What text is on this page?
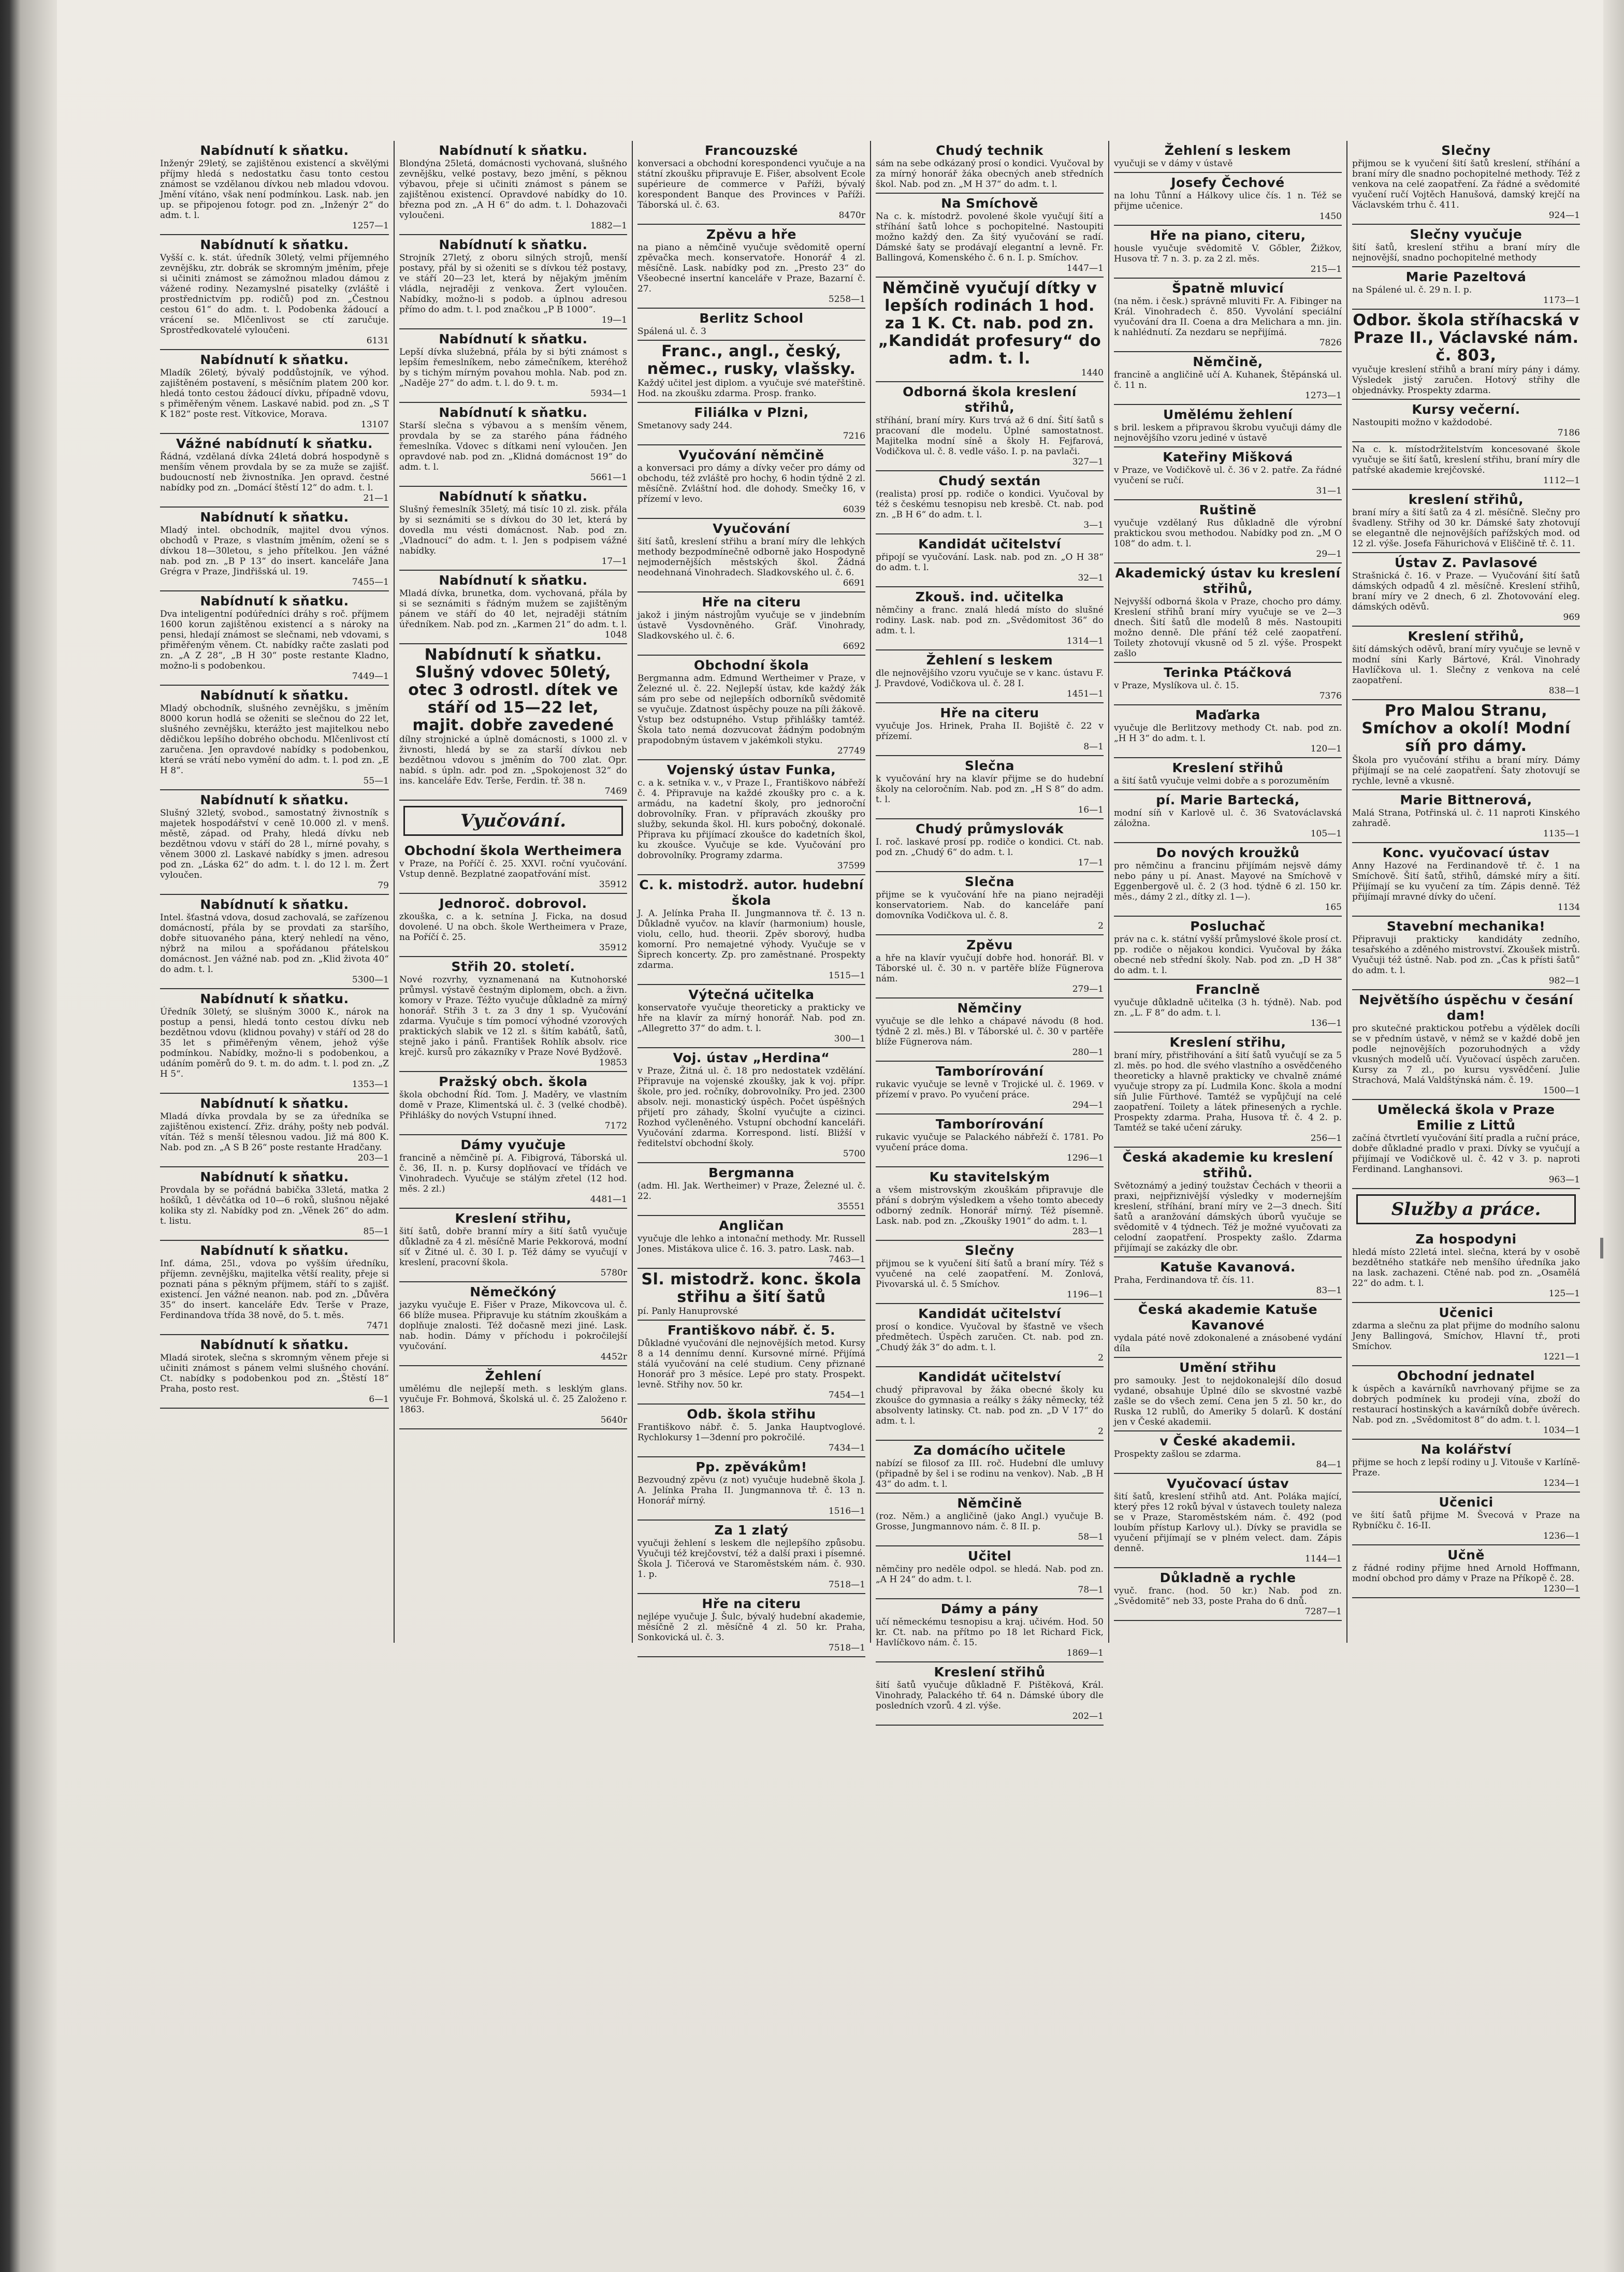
Nabídnutí k sňatku.
Inženýr 29letý, se zajištěnou existencí a skvělými příjmy hledá s nedostatku času tonto cestou známost se vzdělanou dívkou neb mladou vdovou. Jmění vítáno, však není podmínkou. Lask. nab. jen up. se připojenou fotogr. pod zn. „Inženýr 2“ do adm. t. l.
1257—1
Nabídnutí k sňatku.
Vyšší c. k. stát. úředník 30letý, velmi příjemného zevnějšku, ztr. dobrák se skromným jměním, přeje si učiniti známost se zámožnou mladou dámou z vážené rodiny. Nezamyslné pisatelky (zvláště i prostřednictvím pp. rodičů) pod zn. „Čestnou cestou 61“ do adm. t. l. Podobenka žádoucí a vrácení se. Mlčenlivost se ctí zaručuje. Sprostředkovatelé vyloučeni.
6131
Nabídnutí k sňatku.
Mladík 26letý, bývalý poddůstojník, ve výhod. zajištěném postavení, s měsíčním platem 200 kor. hledá tonto cestou žádoucí dívku, případně vdovu, s přiměřeným věnem. Laskavé nabid. pod zn. „S T K 182“ poste rest. Vítkovice, Morava.
13107
Vážné nabídnutí k sňatku.
Řádná, vzdělaná dívka 24letá dobrá hospodyně s menším věnem provdala by se za muže se zajišť. budoucností neb živnostníka. Jen opravd. čestné nabídky pod zn. „Domácí štěstí 12“ do adm. t. l.
21—1
Nabídnutí k sňatku.
Mladý intel. obchodník, majitel dvou výnos. obchodů v Praze, s vlastním jměním, ožení se s dívkou 18—30letou, s jeho přítelkou. Jen vážné nab. pod zn. „B P 13“ do insert. kanceláře Jana Grégra v Praze, Jindřišská ul. 19.
7455—1
Nabídnutí k sňatku.
Dva inteligentní podúředníci dráhy s roč. příjmem 1600 korun zajištěnou existencí a s nároky na pensi, hledají známost se slečnami, neb vdovami, s přiměřeným věnem. Ct. nabídky račte zaslati pod zn. „A Z 28“, „B H 30“ poste restante Kladno, možno-li s podobenkou.
7449—1
Nabídnutí k sňatku.
Mladý obchodník, slušného zevnějšku, s jměním 8000 korun hodlá se oženiti se slečnou do 22 let, slušného zevnějšku, kterážto jest majitelkou nebo dědičkou lepšího dobrého obchodu. Mlčenlivost ctí zaručena. Jen opravdové nabídky s podobenkou, která se vrátí nebo vymění do adm. t. l. pod zn. „E H 8“.
55—1
Nabídnutí k sňatku.
Slušný 32letý, svobod., samostatný živnostník s majetek hospodářství v ceně 10.000 zl. v menš. městě, západ. od Prahy, hledá dívku neb bezdětnou vdovu v stáří do 28 l., mírné povahy, s věnem 3000 zl. Laskavé nabídky s jmen. adresou pod zn. „Láska 62“ do adm. t. l. do 12 l. m. Žert vyloučen.
79
Nabídnutí k sňatku.
Intel. šťastná vdova, dosud zachovalá, se zařízenou domácností, přála by se provdati za staršího, dobře situovaného pána, který nehledí na věno, nýbrž na milou a spořádanou přátelskou domácnost. Jen vážné nab. pod zn. „Klid života 40“ do adm. t. l.
5300—1
Nabídnutí k sňatku.
Úředník 30letý, se slušným 3000 K., nárok na postup a pensi, hledá tonto cestou dívku neb bezdětnou vdovu (klidnou povahy) v stáří od 28 do 35 let s přiměřeným věnem, jehož výše podmínkou. Nabídky, možno-li s podobenkou, a udáním poměrů do 9. t. m. do adm. t. l. pod zn. „Z H 5“.
1353—1
Nabídnutí k sňatku.
Mladá dívka provdala by se za úředníka se zajištěnou existencí. Zřiz. dráhy, pošty neb podvál. vítán. Též s menší tělesnou vadou. Již má 800 K. Nab. pod zn. „A S B 26“ poste restante Hradčany.
203—1
Nabídnutí k sňatku.
Provdala by se pořádná babička 33letá, matka 2 hošíků, 1 děvčátka od 10—6 roků, slušnou nějaké kolika sty zl. Nabídky pod zn. „Věnek 26“ do adm. t. listu.
85—1
Nabídnutí k sňatku.
Inf. dáma, 25l., vdova po vyšším úředníku, příjemn. zevnějšku, majitelka větší reality, přeje si poznati pána s pěkným příjmem, stáří to s zajišť. existencí. Jen vážné neanon. nab. pod zn. „Důvěra 35“ do insert. kanceláře Edv. Terše v Praze, Ferdinandova třída 38 nově, do 5. t. měs.
7471
Nabídnutí k sňatku.
Mladá sirotek, slečna s skromným věnem přeje si učiniti známost s pánem velmi slušného chování. Ct. nabídky s podobenkou pod zn. „Štěstí 18“ Praha, posto rest.
6—1
Nabídnutí k sňatku.
Blondýna 25letá, domácnosti vychovaná, slušného zevnějšku, velké postavy, bezo jmění, s pěknou výbavou, přeje si učiniti známost s pánem se zajištěnou existencí. Opravdové nabídky do 10. března pod zn. „A H 6“ do adm. t. l. Dohazovači vyloučeni.
1882—1
Nabídnutí k sňatku.
Strojník 27letý, z oboru silných strojů, menší postavy, přál by si oženiti se s dívkou též postavy, ve stáří 20—23 let, která by nějakým jměním vládla, nejraději z venkova. Žert vyloučen. Nabídky, možno-li s podob. a úplnou adresou přímo do adm. t. l. pod značkou „P B 1000“.
19—1
Nabídnutí k sňatku.
Lepší dívka služebná, přála by si býti známost s lepším řemeslníkem, nebo zámečníkem, kteréhož by s tichým mírným povahou mohla. Nab. pod zn. „Naděje 27“ do adm. t. l. do 9. t. m.
5934—1
Nabídnutí k sňatku.
Starší slečna s výbavou a s menším věnem, provdala by se za starého pána řádného řemeslníka. Vdovec s dítkami není vyloučen. Jen opravdové nab. pod zn. „Klidná domácnost 19“ do adm. t. l.
5661—1
Nabídnutí k sňatku.
Slušný řemeslník 35letý, má tisíc 10 zl. zisk. přála by si seznámiti se s dívkou do 30 let, která by dovedla mu vésti domácnost. Nab. pod zn. „Vladnoucí“ do adm. t. l. Jen s podpisem vážné nabídky.
17—1
Nabídnutí k sňatku.
Mladá dívka, brunetka, dom. vychovaná, přála by si se seznámiti s řádným mužem se zajištěným pánem ve stáří do 40 let, nejraději státním úředníkem. Nab. pod zn. „Karmen 21“ do adm. t. l.
1048
Nabídnutí k sňatku. Slušný vdovec 50letý, otec 3 odrostl. dítek ve stáří od 15—22 let, majit. dobře zavedené
dílny strojnické a úplně domácnosti, s 1000 zl. v živnosti, hledá by se za starší dívkou neb bezdětnou vdovou s jměním do 700 zlat. Opr. nabíd. s úpln. adr. pod zn. „Spokojenost 32“ do ins. kanceláře Edv. Terše, Ferdin. tř. 38 n.
7469
Vyučování.
Obchodní škola Wertheimera
v Praze, na Poříčí č. 25. XXVI. roční vyučování. Vstup denně. Bezplatné zaopatřování míst.
35912
Jednoroč. dobrovol.
zkouška, c. a k. setnína J. Ficka, na dosud dovolené. U na obch. škole Wertheimera v Praze, na Poříčí č. 25.
35912
Střih 20. století.
Nové rozvrhy, vyznamenaná na Kutnohorské průmysl. výstavě čestným diplomem, obch. a živn. komory v Praze. Téžto vyučuje důkladně za mírný honorář. Střih 3 t. za 3 dny 1 sp. Vyučování zdarma. Vyučuje s tím pomocí výhodné vzorových praktických slabik ve 12 zl. s šitím kabátů, šatů, stejně jako i pánů. František Rohlík absolv. rice krejč. kursů pro zákazníky v Praze Nové Bydžově.
19853
Pražský obch. škola
škola obchodní Říd. Tom. J. Maděry, ve vlastním domě v Praze, Klimentská ul. č. 3 (velké chodbě). Přihlášky do nových Vstupní ihned.
7172
Dámy vyučuje
francině a němčině pí. A. Fibigrová, Táborská ul. č. 36, II. n. p. Kursy doplňovací ve třídách ve Vinohradech. Vyučuje se stálým zřetel (12 hod. měs. 2 zl.)
4481—1
Kreslení střihu,
šití šatů, dobře branní míry a šití šatů vyučuje důkladně za 4 zl. měsíčně Marie Pekkorová, modní síť v Žitné ul. č. 30 I. p. Též dámy se vyučují v kreslení, pracovní škola.
5780r
Němečkóný
jazyku vyučuje E. Fišer v Praze, Mikovcova ul. č. 66 blíže musea. Připravuje ku státním zkouškám a doplňuje znalosti. Též dočasně mezi jiné. Lask. nab. hodin. Dámy v příchodu i pokročilejší vyučování.
4452r
Žehlení
umělému dle nejlepší meth. s lesklým glans. vyučuje Fr. Bohmová, Školská ul. č. 25 Založeno r. 1863.
5640r
Francouzské
konversaci a obchodní korespondenci vyučuje a na státní zkoušku připravuje E. Fišer, absolvent Ecole supérieure de commerce v Paříži, bývalý korespondent Banque des Provinces v Paříži. Táborská ul. č. 63.
8470r
Zpěvu a hře
na piano a němčině vyučuje svědomitě operní zpěvačka mech. konservatoře. Honorář 4 zl. měsíčně. Lask. nabídky pod zn. „Presto 23“ do Všeobecné insertní kanceláře v Praze, Bazarní č. 27.
5258—1
Berlitz School
Spálená ul. č. 3
Franc., angl., český, němec., rusky, vlašsky.
Každý učitel jest diplom. a vyučuje své mateřštině. Hod. na zkoušku zdarma. Prosp. franko.
Filiálka v Plzni,
Smetanovy sady 244.
7216
Vyučování němčině
a konversaci pro dámy a dívky večer pro dámy od obchodu, též zvláště pro hochy, 6 hodin týdně 2 zl. měsíčně. Zvláštní hod. dle dohody. Smečky 16, v přízemí v levo.
6039
Vyučování
šití šatů, kreslení střihu a braní míry dle lehkých methody bezpodmínečně odborně jako Hospodyně nejmodernějších městských škol. Žádná neodehnaná Vinohradech. Sladkovského ul. č. 6.
6691
Hře na citeru
jakož i jiným nástrojům vyučuje se v jindebním ústavě Vysdovněného. Gräf. Vinohrady, Sladkovského ul. č. 6.
6692
Obchodní škola
Bergmanna adm. Edmund Wertheimer v Praze, v Železné ul. č. 22. Nejlepší ústav, kde každý žák sám pro sebe od nejlepších odborníků svědomitě se vyučuje. Zdatnost úspěchy pouze na píli žákově. Vstup bez odstupného. Vstup přihlášky tamtéž. Škola tato nemá dozvucovat žádným podobným prapodobným ústavem v jakémkoli styku.
27749
Vojenský ústav Funka,
c. a k. setníka v. v., v Praze I., Františkovo nábřeží č. 4. Připravuje na každé zkoušky pro c. a k. armádu, na kadetní školy, pro jednoroční dobrovolníky. Fran. v přípravách zkoušky pro služby, sekunda škol. Hl. kurs pobočný, dokonalé. Připrava ku přijímací zkoušce do kadetních škol, ku zkoušce. Vyučuje se kde. Vyučování pro dobrovolníky. Programy zdarma.
37599
C. k. mistodrž. autor. hudební škola
J. A. Jelínka Praha II. Jungmannova tř. č. 13 n. Důkladně vyučov. na klavír (harmonium) housle, violu, cello, hud. theorii. Zpěv sborový, hudba komorní. Pro nemajetné výhody. Vyučuje se v Šiprech koncerty. Zp. pro zaměstnané. Prospekty zdarma.
1515—1
Výtečná učitelka
konservatoře vyučuje theoreticky a prakticky ve hře na klavír za mírný honorář. Nab. pod zn. „Allegretto 37“ do adm. t. l.
300—1
Voj. ústav „Herdina“
v Praze, Žitná ul. č. 18 pro nedostatek vzdělání. Připravuje na vojenské zkoušky, jak k voj. přípr. škole, pro jed. ročníky, dobrovolníky. Pro jed. 2300 absolv. neji. monastický úspěch. Počet úspěšných přijetí pro záhady, Školní vyučujte a cizinci. Rozhod vyčleněného. Vstupní obchodní kanceláři. Vyučování zdarma. Korrespond. listí. Bližší v ředitelství obchodní školy.
5700
Bergmanna
(adm. Hl. Jak. Wertheimer) v Praze, Železné ul. č. 22.
35551
Angličan
vyučuje dle lehko a intonační methody. Mr. Russell Jones. Mistákova ulice č. 16. 3. patro. Lask. nab.
7463—1
Sl. mistodrž. konc. škola střihu a šití šatů
pí. Panly Hanuprovské
Františkovo nábř. č. 5.
Důkladné vyučování dle nejnovějších metod. Kursy 8 a 14 dennímu denní. Kursovné mírné. Přijímá stálá vyučování na celé studium. Ceny přiznané Honorář pro 3 měsíce. Lepé pro staty. Prospekt. levně. Střihy nov. 50 kr.
7454—1
Odb. škola střihu
Františkovo nábř. č. 5. Janka Hauptvoglové. Rychlokursy 1—3denní pro pokročilé.
7434—1
Pp. zpěvákům!
Bezvoudný zpěvu (z not) vyučuje hudebně škola J. A. Jelínka Praha II. Jungmannova tř. č. 13 n. Honorář mírný.
1516—1
Za 1 zlatý
vyučuji žehlení s leskem dle nejlepšího způsobu. Vyučuji též krejčovství, též a další praxi i písemné. Škola J. Tičerová ve Staroměstském nám. č. 930. 1. p.
7518—1
Hře na citeru
nejlépe vyučuje J. Šulc, bývalý hudební akademie, měsíčně 2 zl. měsíčně 4 zl. 50 kr. Praha, Sonkovická ul. č. 3.
7518—1
Chudý technik
sám na sebe odkázaný prosí o kondici. Vyučoval by za mírný honorář žáka obecných aneb středních škol. Nab. pod zn. „M H 37“ do adm. t. l.
Na Smíchově
Na c. k. místodrž. povolené škole vyučují šití a stříhání šatů lohce s pochopitelné. Nastoupiti možno každý den. Za šitý vyučování se radí. Dámské šaty se prodávají elegantní a levně. Fr. Ballingová, Komenského č. 6 n. I. p. Smíchov.
1447—1
Němčině vyučují dítky v lepších rodinách 1 hod. za 1 K. Ct. nab. pod zn. „Kandidát profesury“ do adm. t. l.
1440
Odborná škola kreslení střihů,
stříhání, braní míry. Kurs trvá až 6 dní. Šití šatů s pracovaní dle modelu. Úplné samostatnost. Majitelka modní síně a školy H. Fejfarová, Vodičkova ul. č. 8. vedle vášo. I. p. na pavlači.
327—1
Chudý sextán
(realista) prosí pp. rodiče o kondici. Vyučoval by též s českému tesnopisu neb kresbě. Ct. nab. pod zn. „B H 6“ do adm. t. l.
3—1
Kandidát učitelství
připojí se vyučování. Lask. nab. pod zn. „O H 38“ do adm. t. l.
32—1
Zkouš. ind. učitelka
němčiny a franc. znalá hledá místo do slušné rodiny. Lask. nab. pod zn. „Svědomitost 36“ do adm. t. l.
1314—1
Žehlení s leskem
dle nejnovějšího vzoru vyučuje se v kanc. ústavu F. J. Pravdové, Vodičkova ul. č. 28 I.
1451—1
Hře na citeru
vyučuje Jos. Hrinek, Praha II. Bojiště č. 22 v přízemí.
8—1
Slečna
k vyučování hry na klavír přijme se do hudební školy na celoročním. Nab. pod zn. „H S 8“ do adm. t. l.
16—1
Chudý průmyslovák
I. roč. laskavé prosí pp. rodiče o kondici. Ct. nab. pod zn. „Chudý 6“ do adm. t. l.
17—1
Slečna
přijme se k vyučování hře na piano nejraději konservatoriem. Nab. do kanceláře paní domovníka Vodičkova ul. č. 8.
2
Zpěvu
a hře na klavír vyučují dobře hod. honorář. Bl. v Táborské ul. č. 30 n. v partěře blíže Fügnerova nám.
279—1
Němčiny
vyučuje se dle lehko a chápavé návodu (8 hod. týdně 2 zl. měs.) Bl. v Táborské ul. č. 30 v partěře blíže Fügnerova nám.
280—1
Tamborírování
rukavic vyučuje se levně v Trojické ul. č. 1969. v přízemí v pravo. Po vyučení práce.
294—1
Tamborírování
rukavic vyučuje se Palackého nábřeží č. 1781. Po vyučení práce doma.
1296—1
Ku stavitelským
a všem mistrovským zkouškám připravuje dle přání s dobrým výsledkem a všeho tomto abecedy odborný zedník. Honorář mírný. Též písemně. Lask. nab. pod zn. „Zkoušky 1901“ do adm. t. l.
283—1
Slečny
přijmou se k vyučení šití šatů a braní míry. Též s vyučené na celé zaopatření. M. Zonlová, Pivovarská ul. č. 5 Smíchov.
1196—1
Kandidát učitelství
prosí o kondice. Vyučoval by šťastně ve všech předmětech. Úspěch zaručen. Ct. nab. pod zn. „Chudý žák 3“ do adm. t. l.
2
Kandidát učitelství
chudý připravoval by žáka obecné školy ku zkoušce do gymnasia a reálky s žáky německy, též absolventy latinsky. Ct. nab. pod zn. „D V 17“ do adm. t. l.
2
Za domácího učitele
nabízí se filosof za III. roč. Hudební dle umluvy (připadně by šel i se rodinu na venkov). Nab. „B H 43“ do adm. t. l.
Němčině
(roz. Něm.) a angličině (jako Angl.) vyučuje B. Grosse, Jungmannovo nám. č. 8 II. p.
58—1
Učitel
němčiny pro neděle odpol. se hledá. Nab. pod zn. „A H 24“ do adm. t. l.
78—1
Dámy a pány
učí německému tesnopisu a kraj. učivém. Hod. 50 kr. Ct. nab. na přítmo po 18 let Richard Fick, Havlíčkovo nám. č. 15.
1869—1
Kreslení střihů
šití šatů vyučuje důkladně F. Pištěková, Král. Vinohrady, Palackého tř. 64 n. Dámské úbory dle posledních vzorů. 4 zl. výše.
202—1
Žehlení s leskem
vyučuji se v dámy v ústavě
Josefy Čechové
na lohu Tůnní a Hálkovy ulice čís. 1 n. Též se přijme učenice.
1450
Hře na piano, citeru,
housle vyučuje svědomitě V. Gőbler, Žižkov, Husova tř. 7 n. 3. p. za 2 zl. měs.
215—1
Špatně mluvicí
(na něm. i česk.) správně mluviti Fr. A. Fibinger na Král. Vinohradech č. 850. Vyvolání speciální vyučování dra II. Coena a dra Melichara a mn. jin. k nahlédnutí. Za nezdaru se nepřijímá.
7826
Němčině,
francině a angličině učí A. Kuhanek, Štěpánská ul. č. 11 n.
1273—1
Umělému žehlení
s bril. leskem a připravou škrobu vyučuji dámy dle nejnovějšího vzoru jediné v ústavě
Kateřiny Mišková
v Praze, ve Vodičkově ul. č. 36 v 2. patře. Za řádné vyučení se ručí.
31—1
Ruštině
vyučuje vzdělaný Rus důkladně dle výrobní praktickou svou methodou. Nabídky pod zn. „M O 108“ do adm. t. l.
29—1
Akademický ústav ku kreslení střihů,
Nejvyšší odborná škola v Praze, chocho pro dámy. Kreslení střihů braní míry vyučuje se ve 2—3 dnech. Šití šatů dle modelů 8 měs. Nastoupiti možno denně. Dle přání též celé zaopatření. Toilety zhotovují vkusně od 5 zl. výše. Prospekt zašlo
Terinka Ptáčková
v Praze, Myslíkova ul. č. 15.
7376
Maďarka
vyučuje dle Berlitzovy methody Ct. nab. pod zn. „H H 3“ do adm. t. l.
120—1
Kreslení střihů
a šití šatů vyučuje velmi dobře a s porozuměním
pí. Marie Bartecká,
modní síň v Karlově ul. č. 36 Svatováclavská záložna.
105—1
Do nových kroužků
pro němčinu a francinu přijímám nejsvě dámy nebo pány u pí. Anast. Mayové na Smíchově v Eggenbergově ul. č. 2 (3 hod. týdně 6 zl. 150 kr. měs., dámy 2 zl., dítky zl. 1—).
165
Posluchač
práv na c. k. státní vyšší průmyslové škole prosí ct. pp. rodiče o nějakou kondici. Vyučoval by žáka obecné neb střední školy. Nab. pod zn. „D H 38“ do adm. t. l.
Franclně
vyučuje důkladně učitelka (3 h. týdně). Nab. pod zn. „L. F 8“ do adm. t. l.
136—1
Kreslení střihu,
braní míry, přistřihování a šití šatů vyučují se za 5 zl. měs. po hod. dle svého vlastního a osvědčeného theoreticky a hlavně prakticky ve chvalně známé vyučuje stropy za pí. Ludmila Konc. škola a modní síň Julie Fürthové. Tamtéž se vypůjčují na celé zaopatření. Toilety a látek přinesených a rychle. Prospekty zdarma. Praha, Husova tř. č. 4 2. p. Tamtéž se také učení záruky.
256—1
Česká akademie ku kreslení střihů.
Světoznámý a jediný toužstav Čechách v theorii a praxi, nejpřiznivější výsledky v modernejším kreslení, stříhání, braní míry ve 2—3 dnech. Šití šatů a aranžování dámských úborů vyučuje se svědomitě v 4 týdnech. Též je možné vyučovati za celodní zaopatření. Prospekty zašlo. Zdarma přijímají se zakázky dle obr.
Katuše Kavanová.
Praha, Ferdinandova tř. čís. 11.
83—1
Česká akademie Katuše Kavanové
vydala páté nově zdokonalené a znásobené vydání díla
Umění střihu
pro samouky. Jest to nejdokonalejší dílo dosud vydané, obsahuje Úplné dílo se skvostné vazbě zašle se do všech zemí. Cena jen 5 zl. 50 kr., do Ruska 12 rublů, do Ameriky 5 dolarů. K dostání jen v České akademii.
v České akademii.
Prospekty zašlou se zdarma.
84—1
Vyučovací ústav
šití šatů, kreslení střihů atd. Ant. Poláka mající, který přes 12 roků býval v ústavech toulety naleza se v Praze, Staroměstském nám. č. 492 (pod loubím přístup Karlovy ul.). Dívky se pravidla se vyučení přijímají se v plném velect. dam. Zápis denně.
1144—1
Důkladně a rychle
vyuč. franc. (hod. 50 kr.) Nab. pod zn. „Svědomitě“ neb 33, poste Praha do 6 dnů.
7287—1
Slečny
přijmou se k vyučení šití šatů kreslení, stříhání a braní míry dle snadno pochopitelné methody. Též z venkova na celé zaopatření. Za řádné a svědomité vyučení ručí Vojtěch Hanušová, damský krejčí na Václavském trhu č. 411.
924—1
Slečny vyučuje
šití šatů, kreslení střihu a braní míry dle nejnovější, snadno pochopitelné methody
Marie Pazeltová
na Spálené ul. č. 29 n. I. p.
1173—1
Odbor. škola stříhacská v Praze II., Václavské nám. č. 803,
vyučuje kreslení střihů a braní míry pány i dámy. Výsledek jistý zaručen. Hotový střihy dle objednávky. Prospekty zdarma.
Kursy večerní.
Nastoupiti možno v každodobé.
7186
Na c. k. místodržitelstvím koncesované škole vyučuje se šití šatů, kreslení střihu, braní míry dle patřské akademie krejčovské.
1112—1
kreslení střihů,
braní míry a šití šatů za 4 zl. měsíčně. Slečny pro švadleny. Střihy od 30 kr. Dámské šaty zhotovují se elegantně dle nejnovějších pařížských mod. od 12 zl. výše. Josefa Fähurichová v Eliščině tř. č. 11.
Ústav Z. Pavlasové
Strašnická č. 16. v Praze. — Vyučování šití šatů dámských odpadů 4 zl. měsíčně. Kreslení střihů, braní míry ve 2 dnech, 6 zl. Zhotovování eleg. dámských oděvů.
969
Kreslení střihů,
šití dámských oděvů, braní míry vyučuje se levně v modní síni Karly Bártové, Král. Vinohrady Havlíčkova ul. 1. Slečny z venkova na celé zaopatření.
838—1
Pro Malou Stranu, Smíchov a okolí! Modní síň pro dámy.
Škola pro vyučování střihu a braní míry. Dámy přijímají se na celé zaopatření. Šaty zhotovují se rychle, levně a vkusně.
Marie Bittnerová,
Malá Strana, Potřinská ul. č. 11 naproti Kinského zahradě.
1135—1
Konc. vyučovací ústav
Anny Hazové na Ferdinandově tř. č. 1 na Smíchově. Šití šatů, střihů, dámské míry a šití. Přijímají se ku vyučení za tím. Zápis denně. Též přijímají mravné dívky do učení.
1134
Stavební mechanika!
Připravuji prakticky kandidáty zedního, tesařského a zděného mistrovství. Zkoušek mistrů. Vyučuji též ústně. Nab. pod zn. „Čas k přísti šatů“ do adm. t. l.
982—1
Největšího úspěchu v česání dam!
pro skutečné praktickou potřebu a výdělek docíli se v předním ústavě, v němž se v každé době jen podle nejnovějších pozoruhodných a vždy vkusných modelů učí. Vyučovací úspěch zaručen. Kursy za 7 zl., po kursu vysvědčení. Julie Strachová, Malá Valdštýnská nám. č. 19.
1500—1
Umělecká škola v Praze Emilie z Littů
začíná čtvrtletí vyučování šití pradla a ruční práce, dobře důkladné pradlo v praxi. Dívky se vyučují a přijímají ve Vodičkově ul. č. 42 v 3. p. naproti Ferdinand. Langhansovi.
963—1
Služby a práce.
Za hospodyni
hledá místo 22letá intel. slečna, která by v osobě bezdětného statkáře neb menšího úředníka jako na lask. zachazeni. Ctěné nab. pod zn. „Osamělá 22“ do adm. t. l.
125—1
Učenici
zdarma a slečnu za plat přijme do modního salonu Jeny Ballingová, Smíchov, Hlavní tř., proti Smíchov.
1221—1
Obchodní jednatel
k úspěch a kavárníků navrhovaný přijme se za dobrých podmínek ku prodeji vína, zboží do restaurací hostinských a kavárníků dobře úvěrech. Nab. pod zn. „Svědomitost 8“ do adm. t. l.
1034—1
Na kolářství
přijme se hoch z lepší rodiny u J. Vitouše v Karlíně-Praze.
1234—1
Učenici
ve šití šatů přijme M. Švecová v Praze na Rybníčku č. 16-II.
1236—1
Učně
z řádné rodiny přijme hned Arnold Hoffmann, modní obchod pro dámy v Praze na Příkopě č. 28.
1230—1
